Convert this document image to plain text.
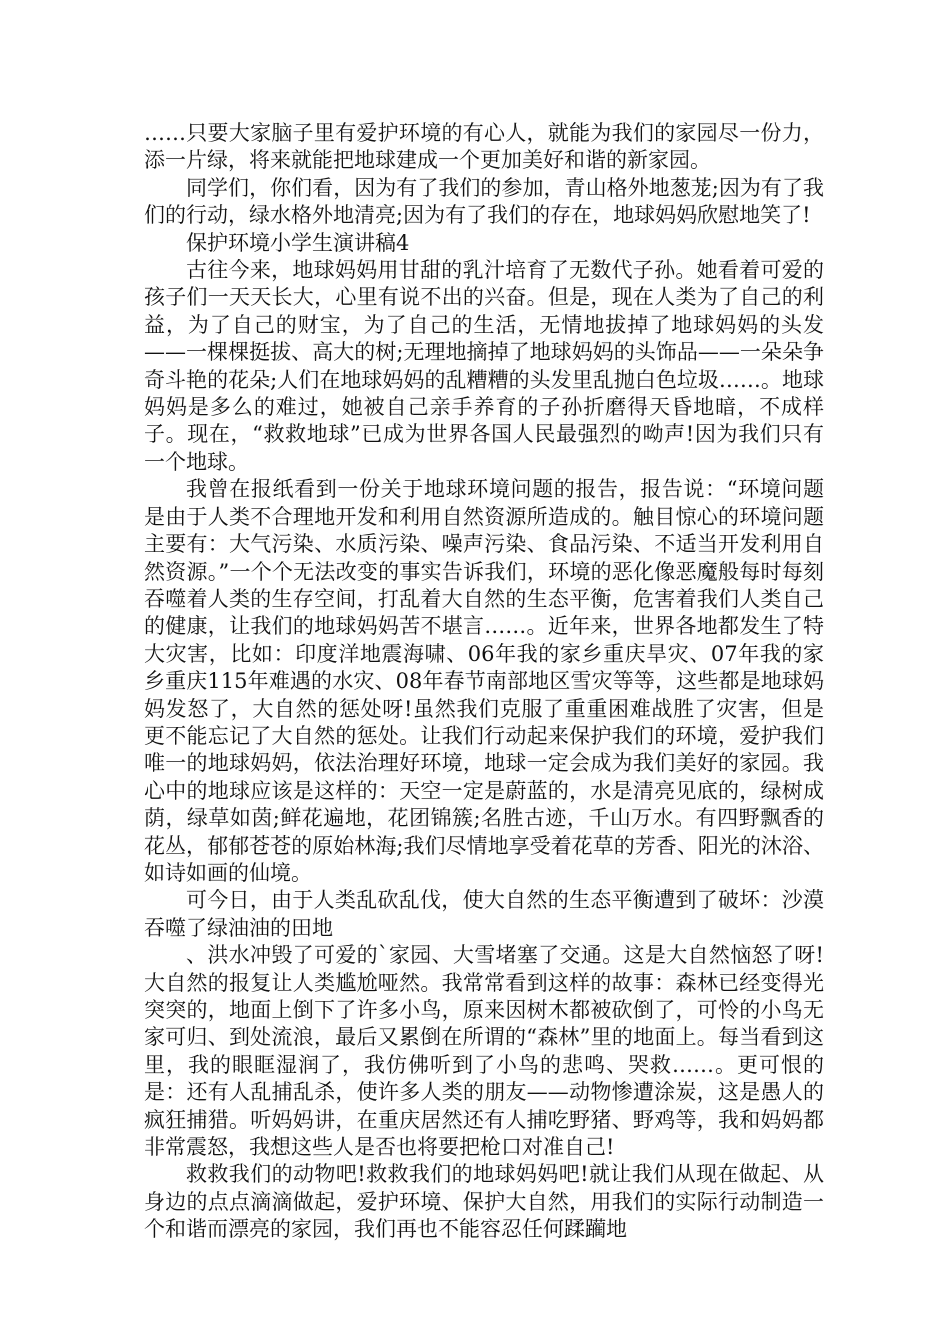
……只要大家脑子里有爱护环境的有心人，就能为我们的家园尽一份力，添一片绿，将来就能把地球建成一个更加美好和谐的新家园。

同学们，你们看，因为有了我们的参加，青山格外地葱茏;因为有了我们的行动，绿水格外地清亮;因为有了我们的存在，地球妈妈欣慰地笑了!

保护环境小学生演讲稿4

古往今来，地球妈妈用甘甜的乳汁培育了无数代子孙。她看着可爱的孩子们一天天长大，心里有说不出的兴奋。但是，现在人类为了自己的利益，为了自己的财宝，为了自己的生活，无情地拔掉了地球妈妈的头发——一棵棵挺拔、高大的树;无理地摘掉了地球妈妈的头饰品——一朵朵争奇斗艳的花朵;人们在地球妈妈的乱糟糟的头发里乱抛白色垃圾……。地球妈妈是多么的难过，她被自己亲手养育的子孙折磨得天昏地暗，不成样子。现在，“救救地球”已成为世界各国人民最强烈的呦声!因为我们只有一个地球。

我曾在报纸看到一份关于地球环境问题的报告，报告说：“环境问题是由于人类不合理地开发和利用自然资源所造成的。触目惊心的环境问题主要有：大气污染、水质污染、噪声污染、食品污染、不适当开发利用自然资源。”一个个无法改变的事实告诉我们，环境的恶化像恶魔般每时每刻吞噬着人类的生存空间，打乱着大自然的生态平衡，危害着我们人类自己的健康，让我们的地球妈妈苦不堪言……。近年来，世界各地都发生了特大灾害，比如：印度洋地震海啸、06年我的家乡重庆旱灾、07年我的家乡重庆115年难遇的水灾、08年春节南部地区雪灾等等，这些都是地球妈妈发怒了，大自然的惩处呀!虽然我们克服了重重困难战胜了灾害，但是更不能忘记了大自然的惩处。让我们行动起来保护我们的环境，爱护我们唯一的地球妈妈，依法治理好环境，地球一定会成为我们美好的家园。我心中的地球应该是这样的：天空一定是蔚蓝的，水是清亮见底的，绿树成荫，绿草如茵;鲜花遍地，花团锦簇;名胜古迹，千山万水。有四野飘香的花丛，郁郁苍苍的原始林海;我们尽情地享受着花草的芳香、阳光的沐浴、如诗如画的仙境。

可今日，由于人类乱砍乱伐，使大自然的生态平衡遭到了破坏：沙漠吞噬了绿油油的田地

、洪水冲毁了可爱的`家园、大雪堵塞了交通。这是大自然恼怒了呀!大自然的报复让人类尴尬哑然。我常常看到这样的故事：森林已经变得光突突的，地面上倒下了许多小鸟，原来因树木都被砍倒了，可怜的小鸟无家可归、到处流浪，最后又累倒在所谓的“森林”里的地面上。每当看到这里，我的眼眶湿润了，我仿佛听到了小鸟的悲鸣、哭救……。更可恨的是：还有人乱捕乱杀，使许多人类的朋友——动物惨遭涂炭，这是愚人的疯狂捕猎。听妈妈讲，在重庆居然还有人捕吃野猪、野鸡等，我和妈妈都非常震怒，我想这些人是否也将要把枪口对准自己!

救救我们的动物吧!救救我们的地球妈妈吧!就让我们从现在做起、从身边的点点滴滴做起，爱护环境、保护大自然，用我们的实际行动制造一个和谐而漂亮的家园，我们再也不能容忍任何蹂躏地
